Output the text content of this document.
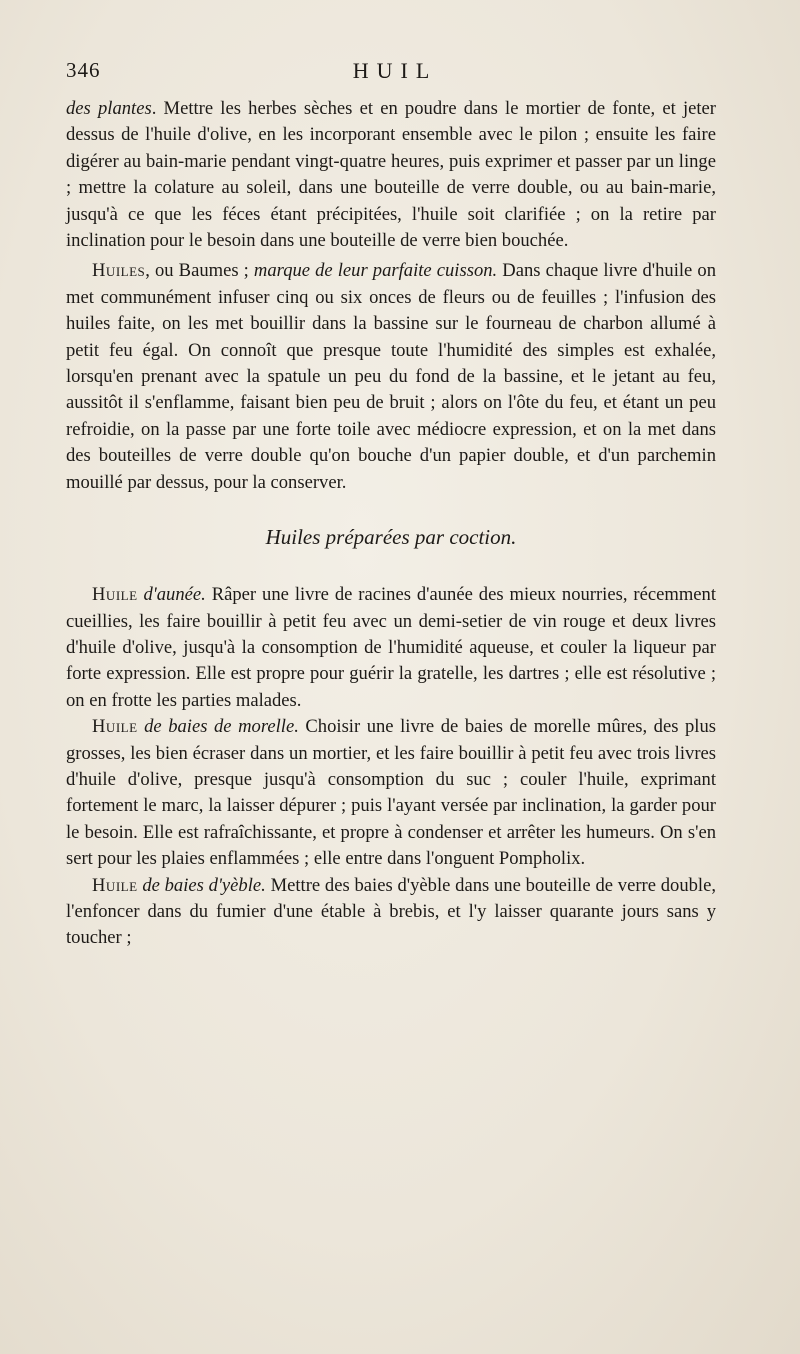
346	HUIL

des plantes. Mettre les herbes sèches et en poudre dans le mortier de fonte, et jeter dessus de l'huile d'olive, en les incorporant ensemble avec le pilon ; ensuite les faire digérer au bain-marie pendant vingt-quatre heures, puis exprimer et passer par un linge ; mettre la colature au soleil, dans une bouteille de verre double, ou au bain-marie, jusqu'à ce que les féces étant précipitées, l'huile soit clarifiée ; on la retire par inclination pour le besoin dans une bouteille de verre bien bouchée.

Huiles, ou Baumes ; marque de leur parfaite cuisson. Dans chaque livre d'huile on met communément infuser cinq ou six onces de fleurs ou de feuilles ; l'infusion des huiles faite, on les met bouillir dans la bassine sur le fourneau de charbon allumé à petit feu égal. On connoît que presque toute l'humidité des simples est exhalée, lorsqu'en prenant avec la spatule un peu du fond de la bassine, et le jetant au feu, aussitôt il s'enflamme, faisant bien peu de bruit ; alors on l'ôte du feu, et étant un peu refroidie, on la passe par une forte toile avec médiocre expression, et on la met dans des bouteilles de verre double qu'on bouche d'un papier double, et d'un parchemin mouillé par dessus, pour la conserver.

Huiles préparées par coction.

Huile d'aunée. Râper une livre de racines d'aunée des mieux nourries, récemment cueillies, les faire bouillir à petit feu avec un demi-setier de vin rouge et deux livres d'huile d'olive, jusqu'à la consomption de l'humidité aqueuse, et couler la liqueur par forte expression. Elle est propre pour guérir la gratelle, les dartres ; elle est résolutive ; on en frotte les parties malades.

Huile de baies de morelle. Choisir une livre de baies de morelle mûres, des plus grosses, les bien écraser dans un mortier, et les faire bouillir à petit feu avec trois livres d'huile d'olive, presque jusqu'à consomption du suc ; couler l'huile, exprimant fortement le marc, la laisser dépurer ; puis l'ayant versée par inclination, la garder pour le besoin. Elle est rafraîchissante, et propre à condenser et arrêter les humeurs. On s'en sert pour les plaies enflammées ; elle entre dans l'onguent Pompholix.

Huile de baies d'yèble. Mettre des baies d'yèble dans une bouteille de verre double, l'enfoncer dans du fumier d'une étable à brebis, et l'y laisser quarante jours sans y toucher ;
